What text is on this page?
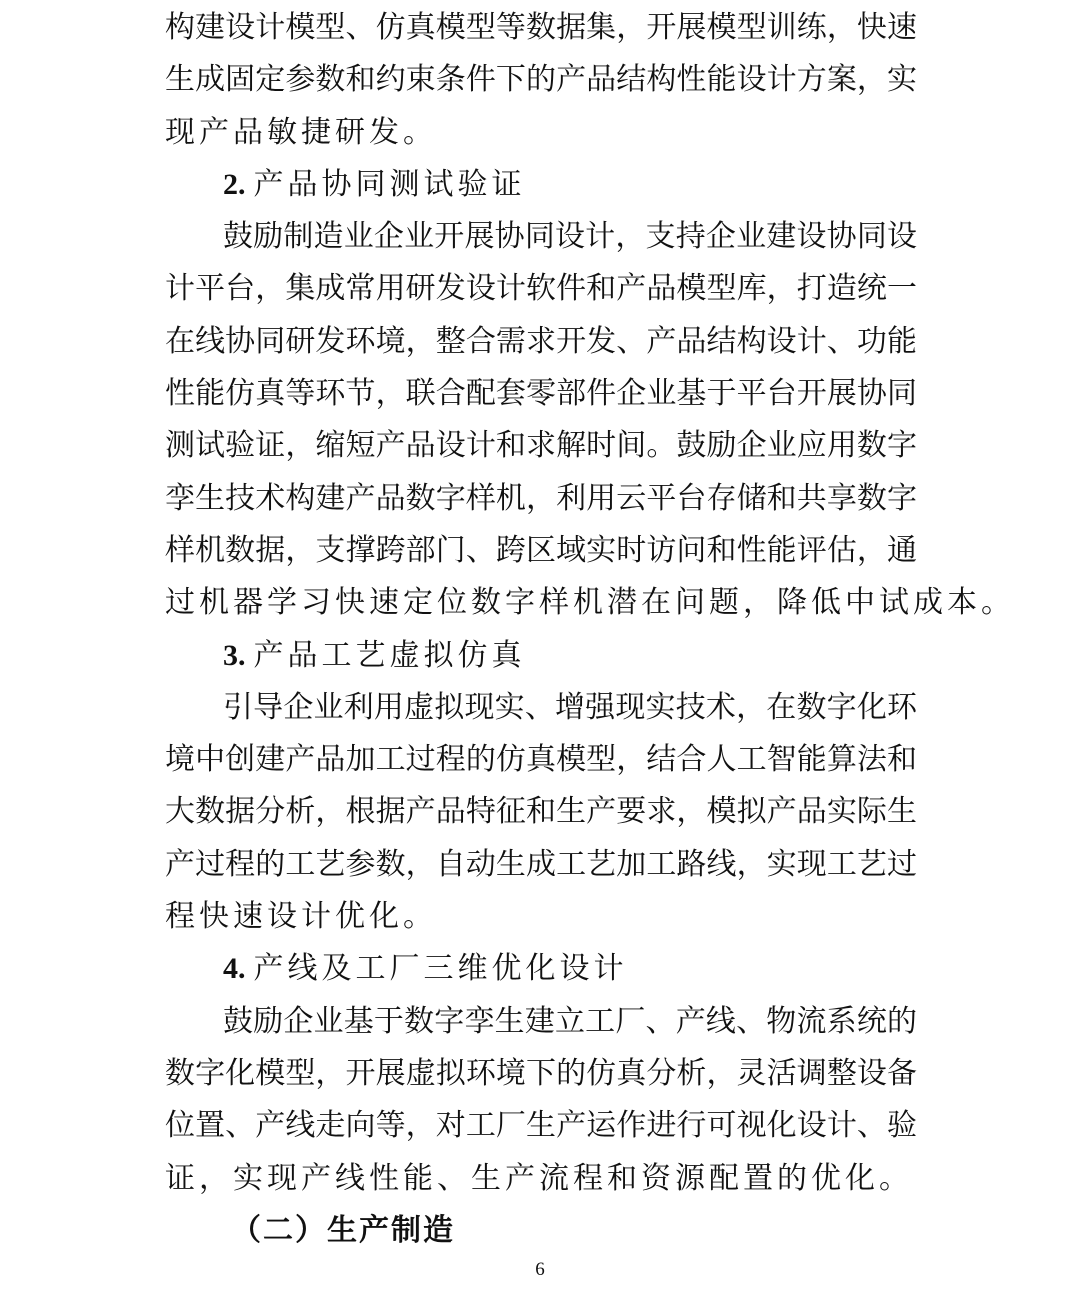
构建设计模型、仿真模型等数据集，开展模型训练，快速
生成固定参数和约束条件下的产品结构性能设计方案，实
现产品敏捷研发。
2. 产品协同测试验证
鼓励制造业企业开展协同设计，支持企业建设协同设
计平台，集成常用研发设计软件和产品模型库，打造统一
在线协同研发环境，整合需求开发、产品结构设计、功能
性能仿真等环节，联合配套零部件企业基于平台开展协同
测试验证，缩短产品设计和求解时间。鼓励企业应用数字
孪生技术构建产品数字样机，利用云平台存储和共享数字
样机数据，支撑跨部门、跨区域实时访问和性能评估，通
过机器学习快速定位数字样机潜在问题，降低中试成本。
3. 产品工艺虚拟仿真
引导企业利用虚拟现实、增强现实技术，在数字化环
境中创建产品加工过程的仿真模型，结合人工智能算法和
大数据分析，根据产品特征和生产要求，模拟产品实际生
产过程的工艺参数，自动生成工艺加工路线，实现工艺过
程快速设计优化。
4. 产线及工厂三维优化设计
鼓励企业基于数字孪生建立工厂、产线、物流系统的
数字化模型，开展虚拟环境下的仿真分析，灵活调整设备
位置、产线走向等，对工厂生产运作进行可视化设计、验
证，实现产线性能、生产流程和资源配置的优化。
（二）生产制造
6
